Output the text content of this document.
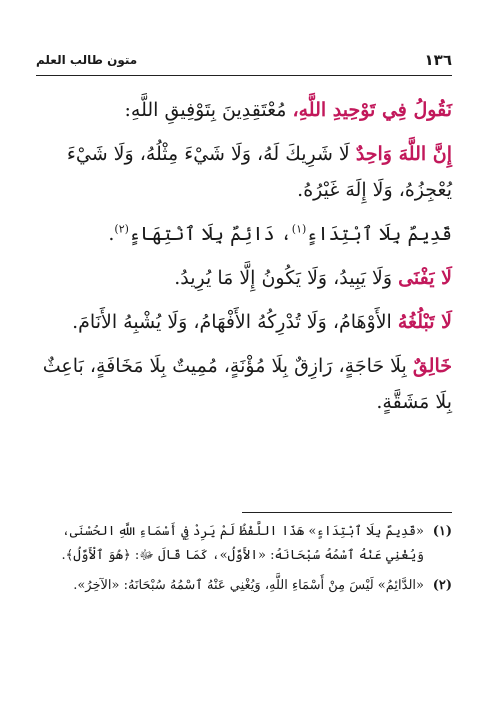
١٣٦
متون طالب العلم

نَقُولُ فِي تَوْحِيدِ اللَّهِ، مُعْتَقِدِينَ بِتَوْفِيقِ اللَّهِ:

إِنَّ اللَّهَ وَاحِدٌ لَا شَرِيكَ لَهُ، وَلَا شَيْءَ مِثْلُهُ، وَلَا شَيْءَ يُعْجِزُهُ، وَلَا إِلَهَ غَيْرُهُ.

قَدِيمٌ بِلَا ٱبْتِدَاءٍ$^{(١)}$، دَائِمٌ بِلَا ٱنْتِهَاءٍ$^{(٢)}$.

لَا يَفْنَى وَلَا يَبِيدُ، وَلَا يَكُونُ إِلَّا مَا يُرِيدُ.

لَا تَبْلُغُهُ الأَوْهَامُ، وَلَا تُدْرِكُهُ الأَفْهَامُ، وَلَا يُشْبِهُ الأَنَامَ.

خَالِقٌ بِلَا حَاجَةٍ، رَازِقٌ بِلَا مُؤْنَةٍ، مُمِيتٌ بِلَا مَخَافَةٍ، بَاعِثٌ بِلَا مَشَقَّةٍ.

(١)
«قَدِيمٌ بِلَا ٱبْتِدَاءٍ» هَذَا اللَّفْظُ لَمْ يَرِدْ فِي أَسْمَاءِ اللَّهِ الحُسْنَى، وَيُغْنِي عَنْهُ ٱسْمُهُ سُبْحَانَهُ: «الأَوَّلُ»، كَمَا قَالَ ﷻ: ﴿هُوَ ٱلْأَوَّلُ﴾.
(٢)
«الدَّائِمُ» لَيْسَ مِنْ أَسْمَاءِ اللَّهِ، وَيُغْنِي عَنْهُ ٱسْمُهُ سُبْحَانَهُ: «الآخِرُ».
